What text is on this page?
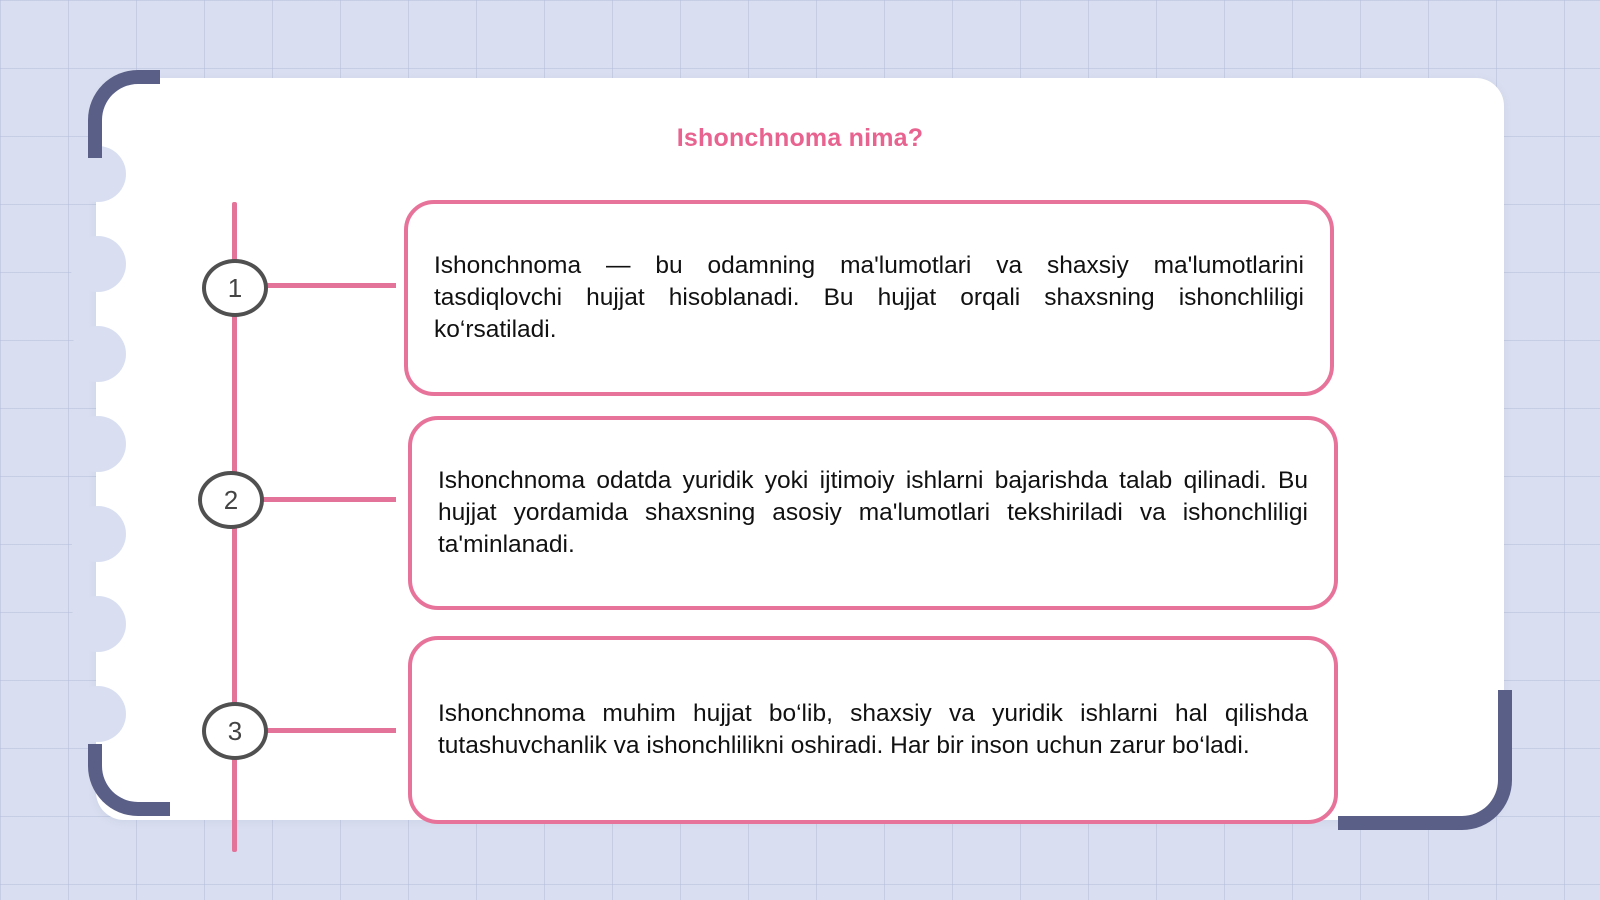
Ishonchnoma nima?
1
2
3

Ishonchnoma — bu odamning ma'lumotlari va shaxsiy ma'lumotlarini tasdiqlovchi hujjat hisoblanadi. Bu hujjat orqali shaxsning ishonchliligi ko‘rsatiladi.

Ishonchnoma odatda yuridik yoki ijtimoiy ishlarni bajarishda talab qilinadi. Bu hujjat yordamida shaxsning asosiy ma'lumotlari tekshiriladi va ishonchliligi ta'minlanadi.

Ishonchnoma muhim hujjat bo‘lib, shaxsiy va yuridik ishlarni hal qilishda tutashuvchanlik va ishonchlilikni oshiradi. Har bir inson uchun zarur bo‘ladi.
